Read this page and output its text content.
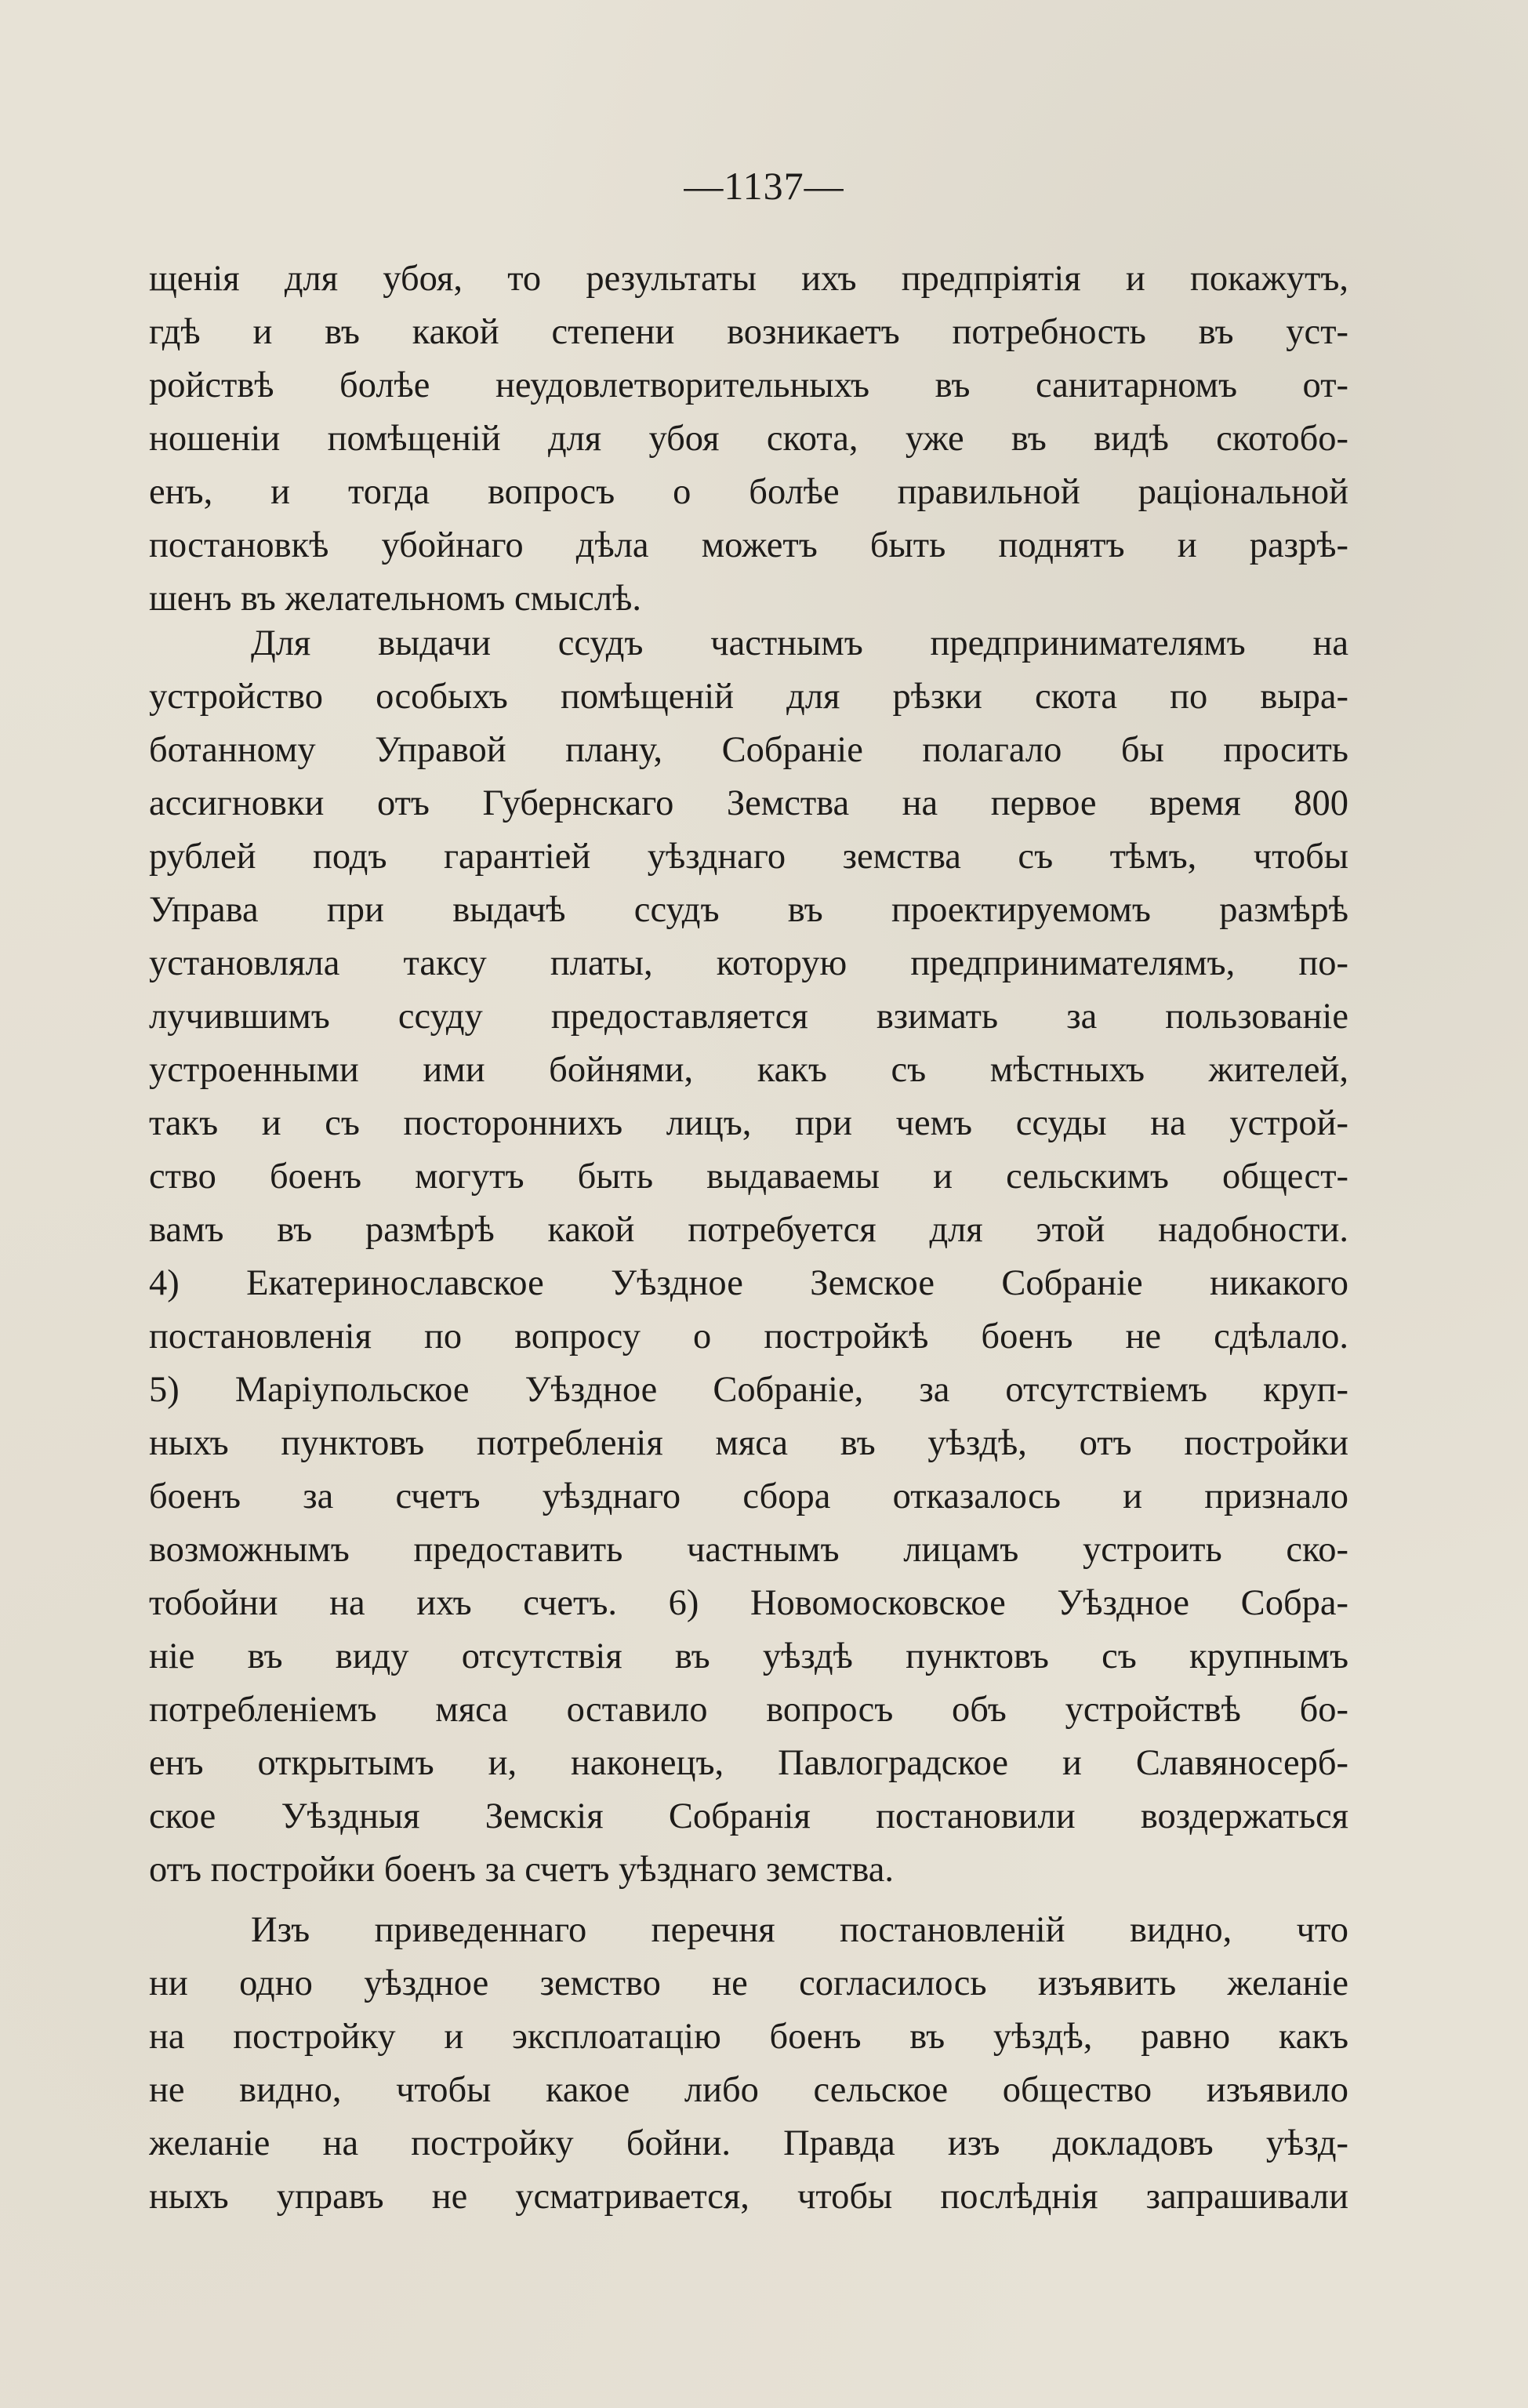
—1137—
щенія для убоя, то результаты ихъ предпріятія и покажутъ,
гдѣ и въ какой степени возникаетъ потребность въ уст-
ройствѣ болѣе неудовлетворительныхъ въ санитарномъ от-
ношеніи помѣщеній для убоя скота, уже въ видѣ скотобо-
енъ, и тогда вопросъ о болѣе правильной раціональной
постановкѣ убойнаго дѣла можетъ быть поднятъ и разрѣ-
шенъ въ желательномъ смыслѣ.
Для выдачи ссудъ частнымъ предпринимателямъ на
устройство особыхъ помѣщеній для рѣзки скота по выра-
ботанному Управой плану, Собраніе полагало бы просить
ассигновки отъ Губернскаго Земства на первое время 800
рублей подъ гарантіей уѣзднаго земства съ тѣмъ, чтобы
Управа при выдачѣ ссудъ въ проектируемомъ размѣрѣ
установляла таксу платы, которую предпринимателямъ, по-
лучившимъ ссуду предоставляется взимать за пользованіе
устроенными ими бойнями, какъ съ мѣстныхъ жителей,
такъ и съ постороннихъ лицъ, при чемъ ссуды на устрой-
ство боенъ могутъ быть выдаваемы и сельскимъ общест-
вамъ въ размѣрѣ какой потребуется для этой надобности.
4) Екатеринославское Уѣздное Земское Собраніе никакого
постановленія по вопросу о постройкѣ боенъ не сдѣлало.
5) Маріупольское Уѣздное Собраніе, за отсутствіемъ круп-
ныхъ пунктовъ потребленія мяса въ уѣздѣ, отъ постройки
боенъ за счетъ уѣзднаго сбора отказалось и признало
возможнымъ предоставить частнымъ лицамъ устроить ско-
тобойни на ихъ счетъ. 6) Новомосковское Уѣздное Собра-
ніе въ виду отсутствія въ уѣздѣ пунктовъ съ крупнымъ
потребленіемъ мяса оставило вопросъ объ устройствѣ бо-
енъ открытымъ и, наконецъ, Павлоградское и Славяносерб-
ское Уѣздныя Земскія Собранія постановили воздержаться
отъ постройки боенъ за счетъ уѣзднаго земства.
Изъ приведеннаго перечня постановленій видно, что
ни одно уѣздное земство не согласилось изъявить желаніе
на постройку и эксплоатацію боенъ въ уѣздѣ, равно какъ
не видно, чтобы какое либо сельское общество изъявило
желаніе на постройку бойни. Правда изъ докладовъ уѣзд-
ныхъ управъ не усматривается, чтобы послѣднія запрашивали
